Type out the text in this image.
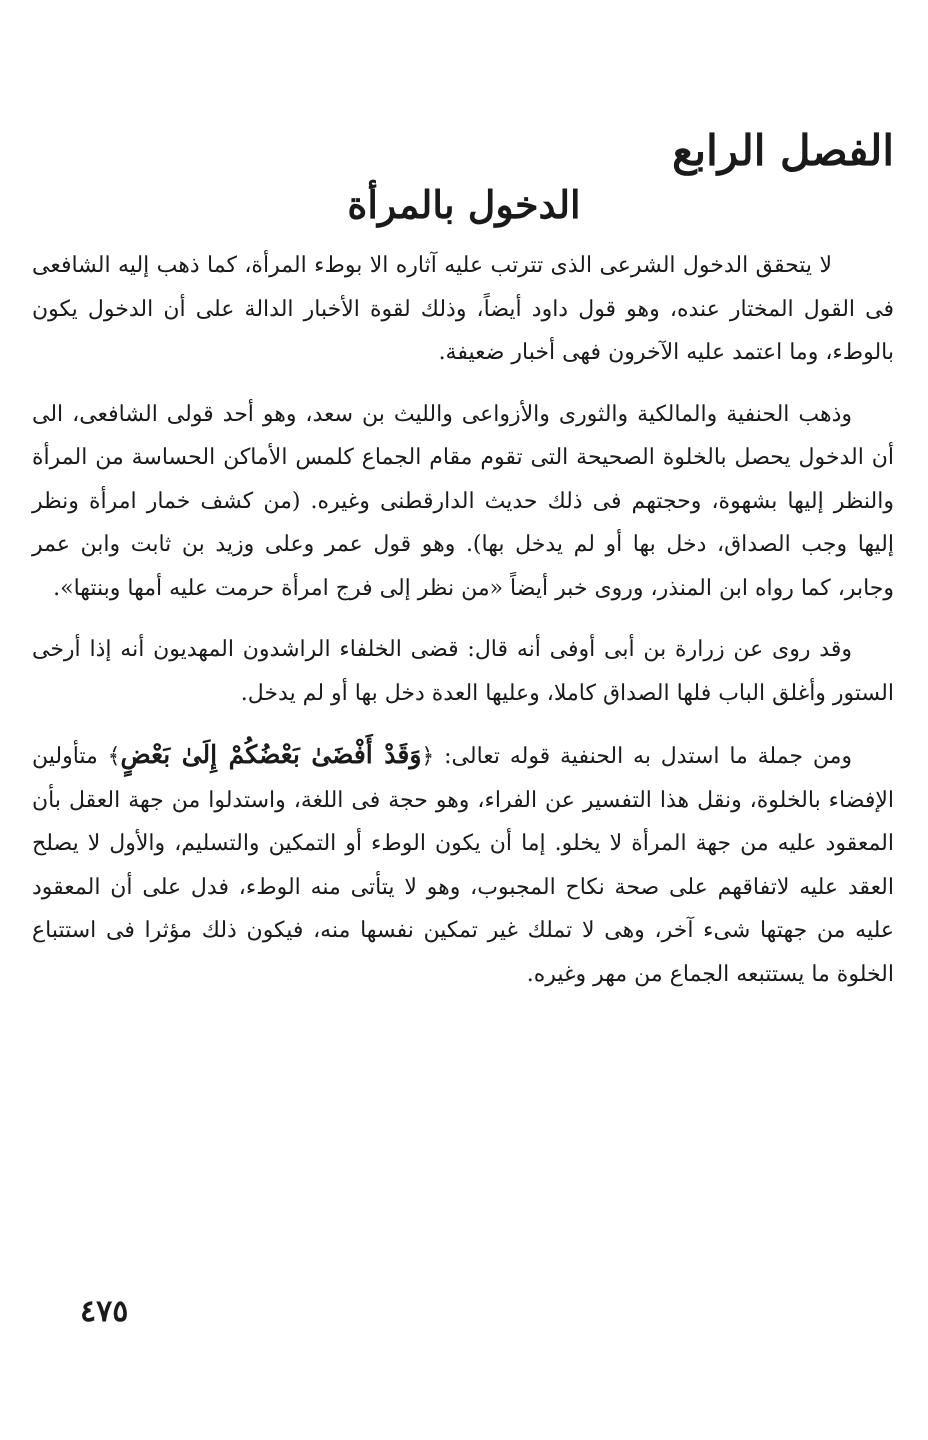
الفصل الرابع
الدخول بالمرأة

لا يتحقق الدخول الشرعى الذى تترتب عليه آثاره الا بوطء المرأة، كما ذهب إليه الشافعى فى القول المختار عنده، وهو قول داود أيضاً، وذلك لقوة الأخبار الدالة على أن الدخول يكون بالوطء، وما اعتمد عليه الآخرون فهى أخبار ضعيفة.

وذهب الحنفية والمالكية والثورى والأزواعى والليث بن سعد، وهو أحد قولى الشافعى، الى أن الدخول يحصل بالخلوة الصحيحة التى تقوم مقام الجماع كلمس الأماكن الحساسة من المرأة والنظر إليها بشهوة، وحجتهم فى ذلك حديث الدارقطنى وغيره. (من كشف خمار امرأة ونظر إليها وجب الصداق، دخل بها أو لم يدخل بها). وهو قول عمر وعلى وزيد بن ثابت وابن عمر وجابر، كما رواه ابن المنذر، وروى خبر أيضاً «من نظر إلى فرج امرأة حرمت عليه أمها وبنتها».

وقد روى عن زرارة بن أبى أوفى أنه قال: قضى الخلفاء الراشدون المهديون أنه إذا أرخى الستور وأغلق الباب فلها الصداق كاملا، وعليها العدة دخل بها أو لم يدخل.

ومن جملة ما استدل به الحنفية قوله تعالى: ﴿وَقَدْ أَفْضَىٰ بَعْضُكُمْ إِلَىٰ بَعْضٍ﴾ متأولين الإفضاء بالخلوة، ونقل هذا التفسير عن الفراء، وهو حجة فى اللغة، واستدلوا من جهة العقل بأن المعقود عليه من جهة المرأة لا يخلو. إما أن يكون الوطء أو التمكين والتسليم، والأول لا يصلح العقد عليه لاتفاقهم على صحة نكاح المجبوب، وهو لا يتأتى منه الوطء، فدل على أن المعقود عليه من جهتها شىء آخر، وهى لا تملك غير تمكين نفسها منه، فيكون ذلك مؤثرا فى استتباع الخلوة ما يستتبعه الجماع من مهر وغيره.

٤٧٥
